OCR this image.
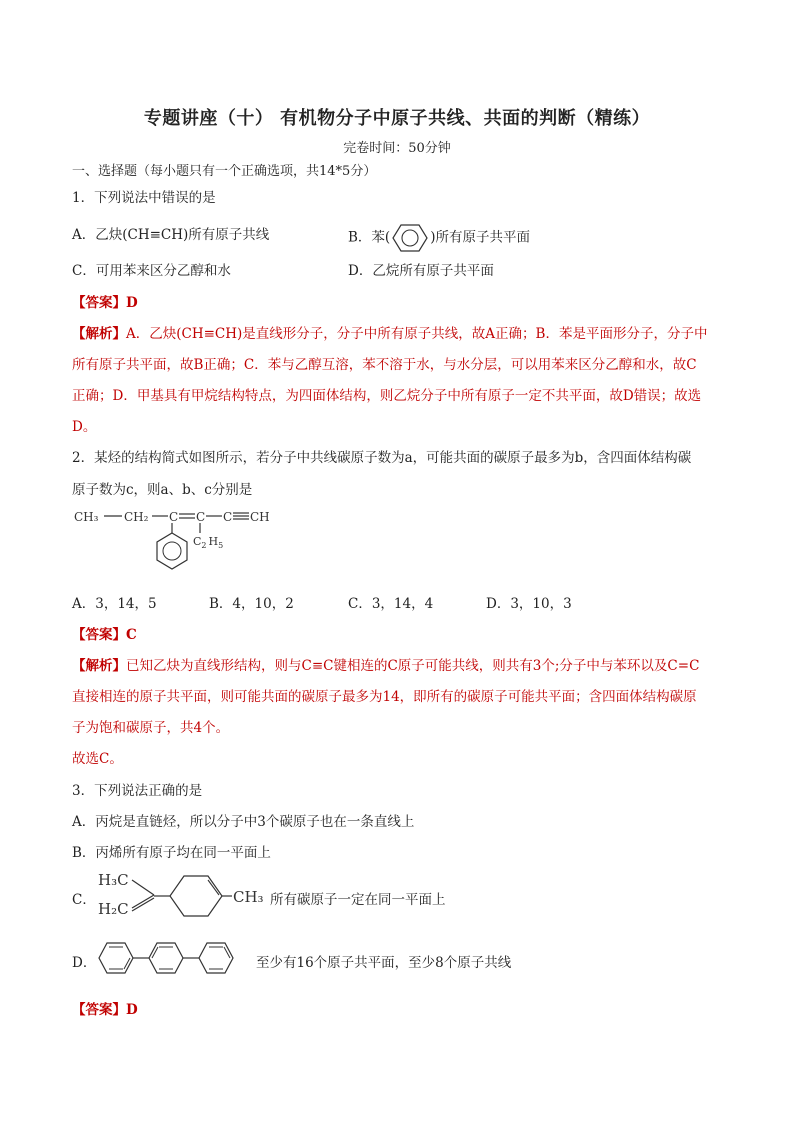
专题讲座（十） 有机物分子中原子共线、共面的判断（精练）
完卷时间：50分钟
一、选择题（每小题只有一个正确选项，共14*5分）
1．下列说法中错误的是
A．乙炔(CH≡CH)所有原子共线	B．苯(	)所有原子共平面
C．可用苯来区分乙醇和水	D．乙烷所有原子共平面
【答案】D
【解析】A．乙炔(CH≡CH)是直线形分子，分子中所有原子共线，故A正确；B．苯是平面形分子，分子中
所有原子共平面，故B正确；C．苯与乙醇互溶，苯不溶于水，与水分层，可以用苯来区分乙醇和水，故C
正确；D．甲基具有甲烷结构特点，为四面体结构，则乙烷分子中所有原子一定不共平面，故D错误；故选
D。
2．某烃的结构简式如图所示，若分子中共线碳原子数为a，可能共面的碳原子最多为b，含四面体结构碳
原子数为c，则a、b、c分别是
CH₃ CH₂ C C C CH
$C_2$ $H_5$
A．3，14，5	B．4，10，2	C．3，14，4	D．3，10，3
【答案】C
【解析】已知乙炔为直线形结构，则与C≡C键相连的C原子可能共线，则共有3个;分子中与苯环以及C=C
直接相连的原子共平面，则可能共面的碳原子最多为14，即所有的碳原子可能共平面；含四面体结构碳原
子为饱和碳原子，共4个。
故选C。
3．下列说法正确的是
A．丙烷是直链烃，所以分子中3个碳原子也在一条直线上
B．丙烯所有原子均在同一平面上
C．
H₃C
H₂C
CH₃ 所有碳原子一定在同一平面上
D．	至少有16个原子共平面，至少8个原子共线
【答案】D
